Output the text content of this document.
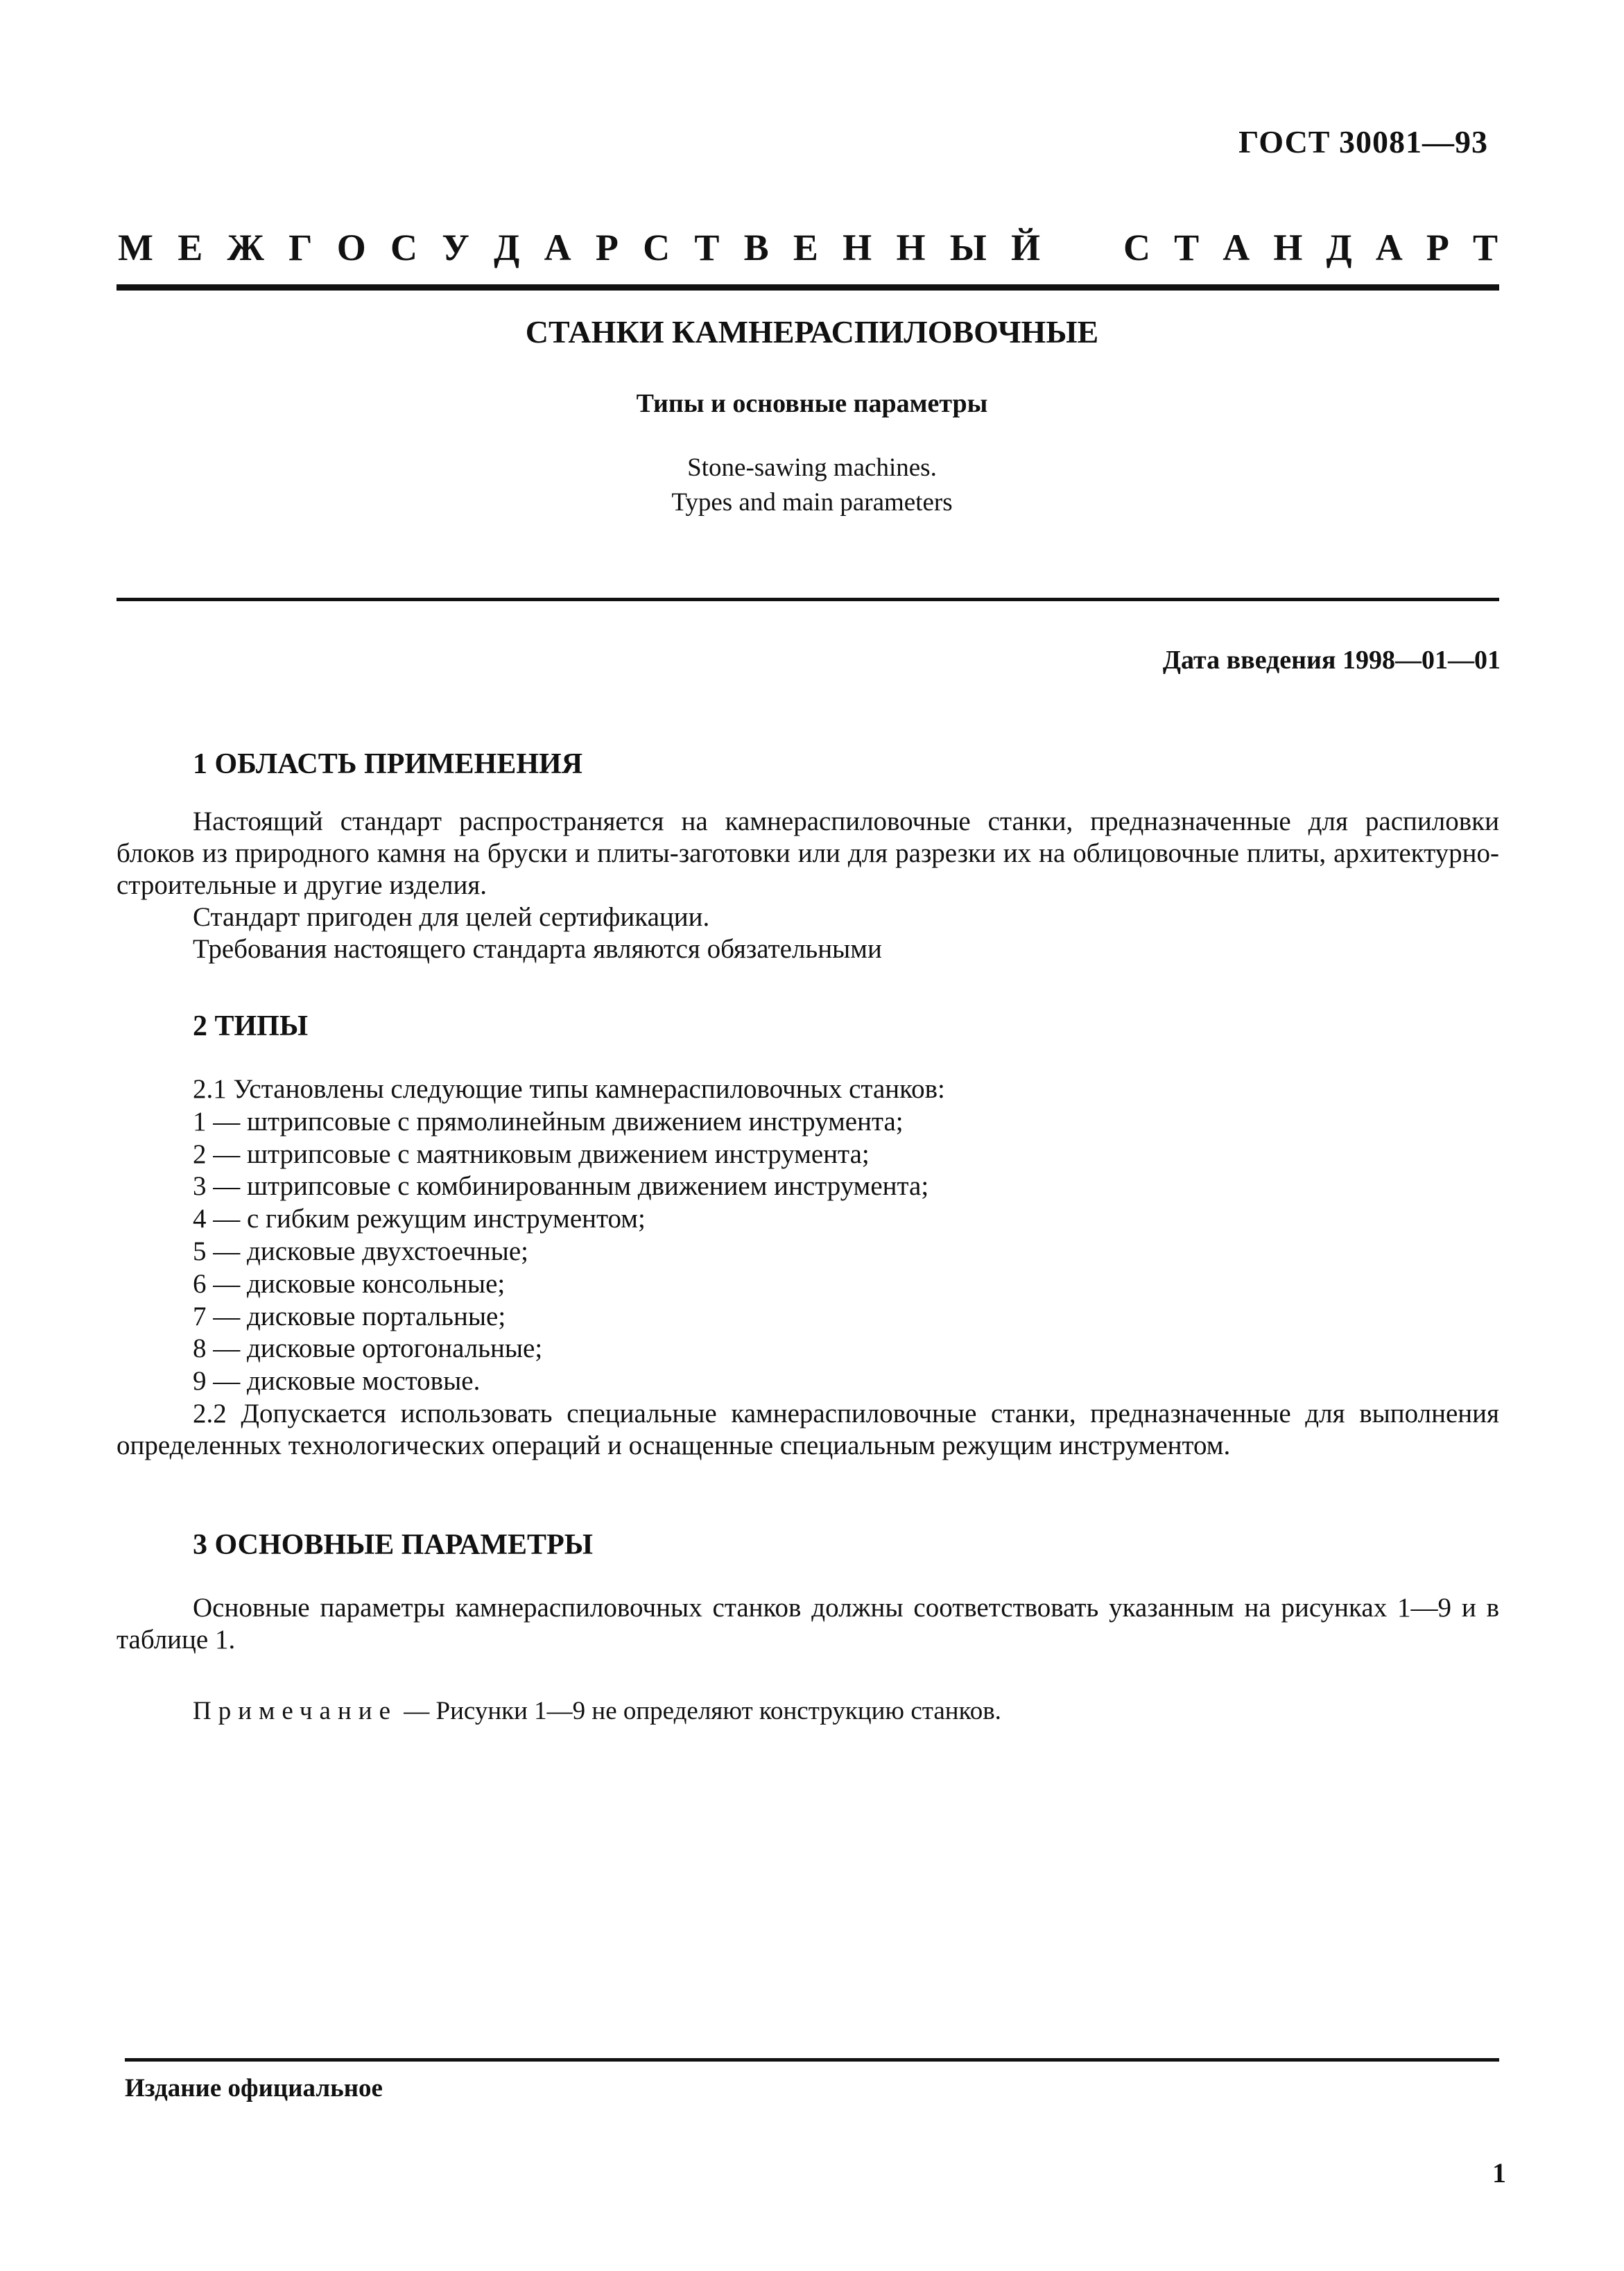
ГОСТ 30081—93
М Е Ж Г О С У Д А Р С Т В Е Н Н Ы Й С Т А Н Д А Р Т
СТАНКИ КАМНЕРАСПИЛОВОЧНЫЕ
Типы и основные параметры
Stone-sawing machines.
Types and main parameters
Дата введения 1998—01—01
1 ОБЛАСТЬ ПРИМЕНЕНИЯ
Настоящий стандарт распространяется на камнераспиловочные станки, предназначенные для распиловки блоков из природного камня на бруски и плиты-заготовки или для разрезки их на облицовочные плиты, архитектурно-строительные и другие изделия.
Стандарт пригоден для целей сертификации.
Требования настоящего стандарта являются обязательными
2 ТИПЫ
2.1 Установлены следующие типы камнераспиловочных станков:
1 — штрипсовые с прямолинейным движением инструмента;
2 — штрипсовые с маятниковым движением инструмента;
3 — штрипсовые с комбинированным движением инструмента;
4 — с гибким режущим инструментом;
5 — дисковые двухстоечные;
6 — дисковые консольные;
7 — дисковые портальные;
8 — дисковые ортогональные;
9 — дисковые мостовые.
2.2 Допускается использовать специальные камнераспиловочные станки, предназначенные для выполнения определенных технологических операций и оснащенные специальным режущим инструментом.
3 ОСНОВНЫЕ ПАРАМЕТРЫ
Основные параметры камнераспиловочных станков должны соответствовать указанным на рисунках 1—9 и в таблице 1.
Примечание — Рисунки 1—9 не определяют конструкцию станков.
Издание официальное
1
